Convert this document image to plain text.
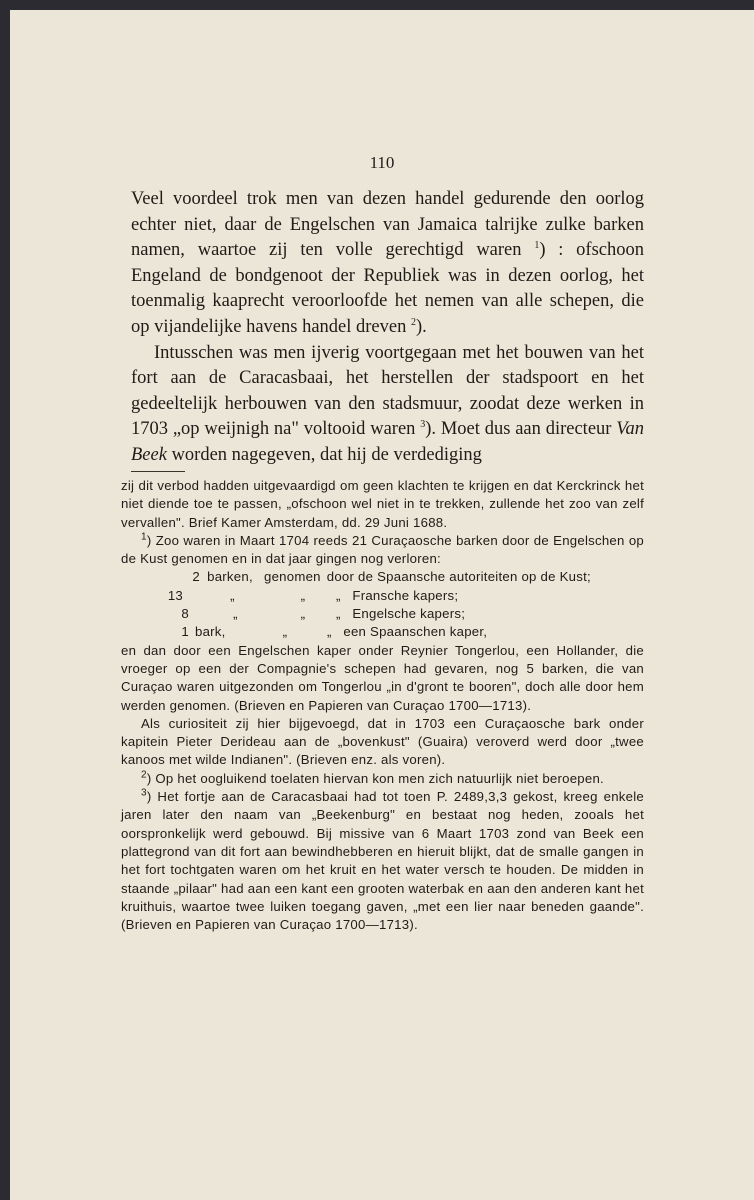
110

Veel voordeel trok men van dezen handel gedurende den oorlog echter niet, daar de Engelschen van Jamaica talrijke zulke barken namen, waartoe zij ten volle gerechtigd waren $^1$) : ofschoon Engeland de bondgenoot der Republiek was in dezen oorlog, het toenmalig kaaprecht veroorloofde het nemen van alle schepen, die op vijandelijke havens handel dreven $^2$).

Intusschen was men ijverig voortgegaan met het bouwen van het fort aan de Caracasbaai, het herstellen der stadspoort en het gedeeltelijk herbouwen van den stadsmuur, zoodat deze werken in 1703 „op weijnigh na" voltooid waren $^3$). Moet dus aan directeur Van Beek worden nagegeven, dat hij de verdediging

zij dit verbod hadden uitgevaardigd om geen klachten te krijgen en dat Kerckrinck het niet diende toe te passen, „ofschoon wel niet in te trekken, zullende het zoo van zelf vervallen". Brief Kamer Amsterdam, dd. 29 Juni 1688.

$^1$) Zoo waren in Maart 1704 reeds 21 Curaçaosche barken door de Engelschen op de Kust genomen en in dat jaar gingen nog verloren:

2 barken, genomen door de Spaansche autoriteiten op de Kust;
13	„	„	„   Fransche kapers;
8	„	„	„   Engelsche kapers;
1 bark,	„	„   een Spaanschen kaper,

en dan door een Engelschen kaper onder Reynier Tongerlou, een Hollander, die vroeger op een der Compagnie's schepen had gevaren, nog 5 barken, die van Curaçao waren uitgezonden om Tongerlou „in d'gront te booren", doch alle door hem werden genomen. (Brieven en Papieren van Curaçao 1700—1713).

Als curiositeit zij hier bijgevoegd, dat in 1703 een Curaçaosche bark onder kapitein Pieter Derideau aan de „bovenkust" (Guaira) veroverd werd door „twee kanoos met wilde Indianen". (Brieven enz. als voren).

$^2$) Op het oogluikend toelaten hiervan kon men zich natuurlijk niet beroepen.

$^3$) Het fortje aan de Caracasbaai had tot toen P. 2489,3,3 gekost, kreeg enkele jaren later den naam van „Beekenburg" en bestaat nog heden, zooals het oorspronkelijk werd gebouwd. Bij missive van 6 Maart 1703 zond van Beek een plattegrond van dit fort aan bewindhebberen en hieruit blijkt, dat de smalle gangen in het fort tochtgaten waren om het kruit en het water versch te houden. De midden in staande „pilaar" had aan een kant een grooten waterbak en aan den anderen kant het kruithuis, waartoe twee luiken toegang gaven, „met een lier naar beneden gaande". (Brieven en Papieren van Curaçao 1700—1713).
